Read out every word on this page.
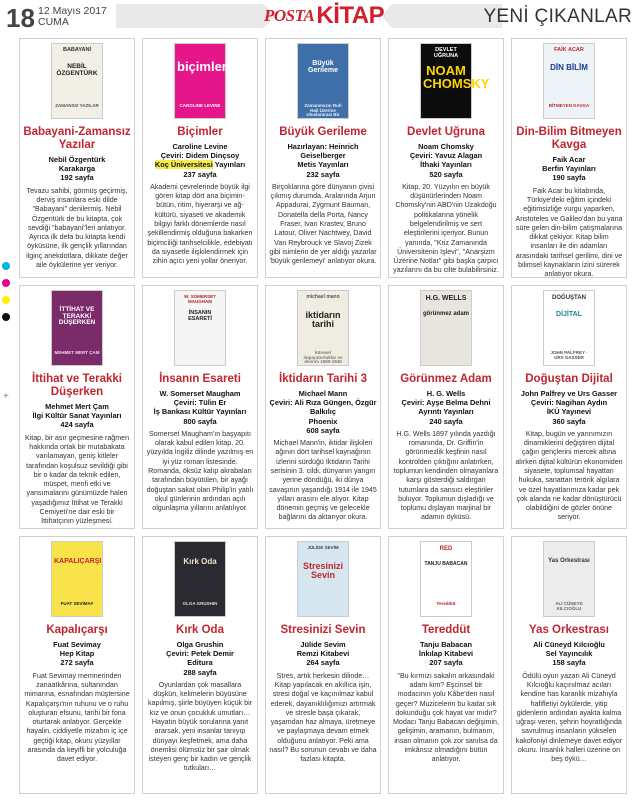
18 12 Mayıs 2017
CUMA	POSTA KİTAP	YENİ ÇIKANLAR
+
BABAYANİ
NEBİL ÖZGENTÜRK
ZAMANSIZ YAZILAR
Babayani-Zamansız Yazılar
Nebil Özgentürk
Karakarga
192 sayfa
Tevazu sahibi, görmüş geçirmiş, derviş insanlara eski dilde "Babayani" denilermiş. Nebil Özgentürk de bu kitapta, çok sevdiği "babayani"leri anlatıyor. Ayrıca ilk defa bu kitapta kendi öyküsüne, ilk gençlik yıllarından ilginç anekdotlara, dikkate değer aile öykülerine yer veriyor.
biçimler
CAROLINE LEVINE
Biçimler
Caroline Levine
Çeviri: Didem Dinçsoy
Koç Üniversitesi Yayınları
237 sayfa
Akademi çevrelerinde büyük ilgi gören kitap dört ana biçimin-bütün, ritim, hiyerarşi ve ağ- kültürü, siyaseti ve akademik bilgiyi farklı dönemlerde nasıl şekillendirmiş olduğuna bakarken biçimciliği tarihselcilikle, edebiyatı da siyasetle ilişkilendirmek için zihin açıcı yeni yollar öneriyor.
Büyük Gerileme
Zamanımızın Ruh Hali Üzerine Uluslararası Bir Tartışma
Büyük Gerileme
Hazırlayan: Heinrich Geiselberger
Metis Yayınları
232 sayfa
Birçoklarına göre dünyanın çivisi çıkmış durumda. Aralarında Arjun Appadurai, Zygmunt Bauman, Donatella della Porta, Nancy Fraser, Ivan Krastev, Bruno Latour, Oliver Nachtwey, David Van Reybrouck ve Slavoj Zizek gibi isimlerin de yer aldığı yazarlar 'büyük gerilemeyi' anlatıyor okura.
DEVLET UĞRUNA
NOAM CHOMSKY
Devlet Uğruna
Noam Chomsky
Çeviri: Yavuz Alagan
İthaki Yayınları
520 sayfa
Kitap, 20. Yüzyılın en büyük düşünürlerinden Noam Chomsky'nin ABD'nin Uzakdoğu politikalarına yönelik belgelendirilmiş ve sert eleştirilerini içeriyor. Bunun yanında, "Kriz Zamanında Üniversitenin İşlevi", "Anarşizm Üzerine Notlar" gibi başka çarpıcı yazılarını da bu cilte bulabilirsiniz.
FAİK ACAR
DİN BİLİM
BİTMEYEN KAVGA
Din-Bilim Bitmeyen Kavga
Faik Acar
Berfin Yayınları
190 sayfa
Faik Acar bu kitabında, Türkiye'deki eğitim içindeki eğitimsizliğe vurgu yaparken, Aristoteles ve Galileo'dan bu yana süre gelen din-bilim çatışmalarına dikkat çekiyor. Kitap bilim insanları ile din adamları arasındaki tarihsel gerilimi, dini ve bilimsel kaynakların izini sürerek anlatıyor okura.
İTTİHAT VE TERAKKİ DÜŞERKEN
MEHMET MERT ÇAM
İttihat ve Terakki Düşerken
Mehmet Mert Çam
İlgi Kültür Sanat Yayınları
424 sayfa
Kitap, bir asır geçmesine rağmen hakkında ortak bir mutabakata varılamayan, geniş kitleler tarafından koşulsuz sevildiği gibi bir o kadar da teknik edilen, müspet, menfi etki ve yansımalarını günümüzde halen yaşadığımız İttihat ve Terakki Cemiyeti'ne dair eski bir İttihatçının yüzleşmesi.
W. SOMERSET MAUGHAM
İNSANIN ESARETİ
İnsanın Esareti
W. Somerset Maugham
Çeviri: Tülin Er
İş Bankası Kültür Yayınları
800 sayfa
Somerset Maugham'ın başyapıtı olarak kabul edilen kitap, 20. yüzyılda İngiliz dilinde yazılmış en iyi yüz roman listesinde. Romanda, öksüz kalıp akrabaları tarafından büyütülen, bir ayağı doğuştan sakat olan Philip'in yatılı okul günlerinin ardından açılı olgunlaşma yıllarını anlatılıyor.
michael mann
iktidarın tarihi
küresel imparatorluklar ve devrim 1890-1945
İktidarın Tarihi 3
Michael Mann
Çeviri: Ali Rıza Güngen, Özgür Balkılıç
Phoenix
608 sayfa
Michael Mann'in, iktidar ilişkileri ağının dört tarihsel kaynağının izlerini sürdüğü İktidarın Tarihi serisinin 3. cildi, dünyanın yangın yerine döndüğü, iki dünya savaşının yaşandığı 1914 ile 1945 yılları arasını ele alıyor. Kitap dönemin geçmiş ve gelecekle bağlarını da aktarıyor okura.
H.G. WELLS
görünmez adam
Görünmez Adam
H. G. Wells
Çeviri: Ayşe Belma Dehni
Ayrıntı Yayınları
240 sayfa
H.G. Wells 1897 yılında yazdığı romanında, Dr. Griffin'in görünmezlik keşfinin nasıl kontrolden çıktığını anlatırken, toplumun kendinden olmayanlara karşı gösterdiği saldırgan tutumlara da sansıcı eleştiriler buluyor. Toplumun dışladığı ve toplumu dışlayan marjinal bir adamın öyküsü.
DOĞUŞTAN
DİJİTAL
JOHN PALFREY · URS GASSER
Doğuştan Dijital
John Palfrey ve Urs Gasser
Çeviri: Nagihan Aydın
İKÜ Yayınevi
360 sayfa
Kitap, bugün ve yarınımızın dinamiklerini değiştiren dijital çağın gençlerini mercek altına alırken dijital kültürün ekonomiden siyasete, toplumsal hayattan hukuka, sanattan terörik algılara ve özel hayatlarımıza kadar pek çok alanda ne kadar dönüştürücü olabildiğini de gözler önüne seriyor.
KAPALIÇARŞI
FUAT SEVİMAY
Kapalıçarşı
Fuat Sevimay
Hep Kitap
272 sayfa
Fuat Sevimay memnerinden zanaatkârına, sultanından mimarına, esnafından müştersine Kapalıçarşı'nın ruhunu ve o ruhu oluşturan efsunu, tarihi bir fona oturtarak anlatıyor. Gerçekle hayalin, ciddiyetle mizahın iç içe geçtiği kitap, okuru yüzyıllar arasında da keyifli bir yolculuğa davet ediyor.
Kırk Oda
OLGA GRUSHIN
Kırk Oda
Olga Grushin
Çeviri: Petek Demir
Editura
288 sayfa
Oyunlardan çok masallara düşkün, kelimelerin büyüsüne kapılmış, şiirle büyüyen küçük bir kız ve onun çocukluk umutları… Hayatın büyük sorularına yanıt ararsak, yeni insanlar tanıyıp dünyayı keşfetmek, ama daha önemlisi ölümsüz bir şair olmak isteyen genç bir kadın ve gençlik tutkuları…
JÜLİDE SEVİM
Stresinizi Sevin
Stresinizi Sevin
Jülide Sevim
Remzi Kitabevi
264 sayfa
Stres, artık herkesin dilinde… Kitap yapılacak en akıllıca işin, stresi doğal ve kaçınılmaz kabul ederek, dayanıklılığımızı artırmak ve stresle başa çıkarak, yaşamdan haz almaya, üretmeye ve paylaşmaya devam etmek olduğunu anlatıyor. Peki ama nasıl? Bu sorunun cevabı ve daha fazlası kitapta.
RED
TANJU BABACAN
Tereddüt
Tereddüt
Tanju Babacan
İnkılap Kitabevi
207 sayfa
"Bu kırmızı sakalın arkasındaki adam kim? Eşcinsel bir modacının yolu Kâbe'den nasıl geçer? Muzicelerin bu kadar sık dokunduğu çok hayat var mıdır? Modacı Tanju Babacan değişimin, gelişimin, aramanın, bulmanın, insan olmanın çok zor sanılsa da imkânsız olmadığını bütün anlatıyor.
Yas Orkestrası
ALİ CÜNEYD KILCIOĞLU
Yas Orkestrası
Ali Cüneyd Kılcıoğlu
Sel Yayıncılık
158 sayfa
Ödülü oyun yazarı Ali Cüneyd Kılcıoğlu kaçınılmaz acıları kendine has karanlık mizahıyla hafifletiyi öykülerde, yitip gidenlerin ardından ayakta kalma uğraşı veren, şehrin hoyratlığında savrulmuş insanların yükselen kakofoniyi dinlemeye davet ediyor okuru. İnsanlık halleri üzerine on beş öykü…
